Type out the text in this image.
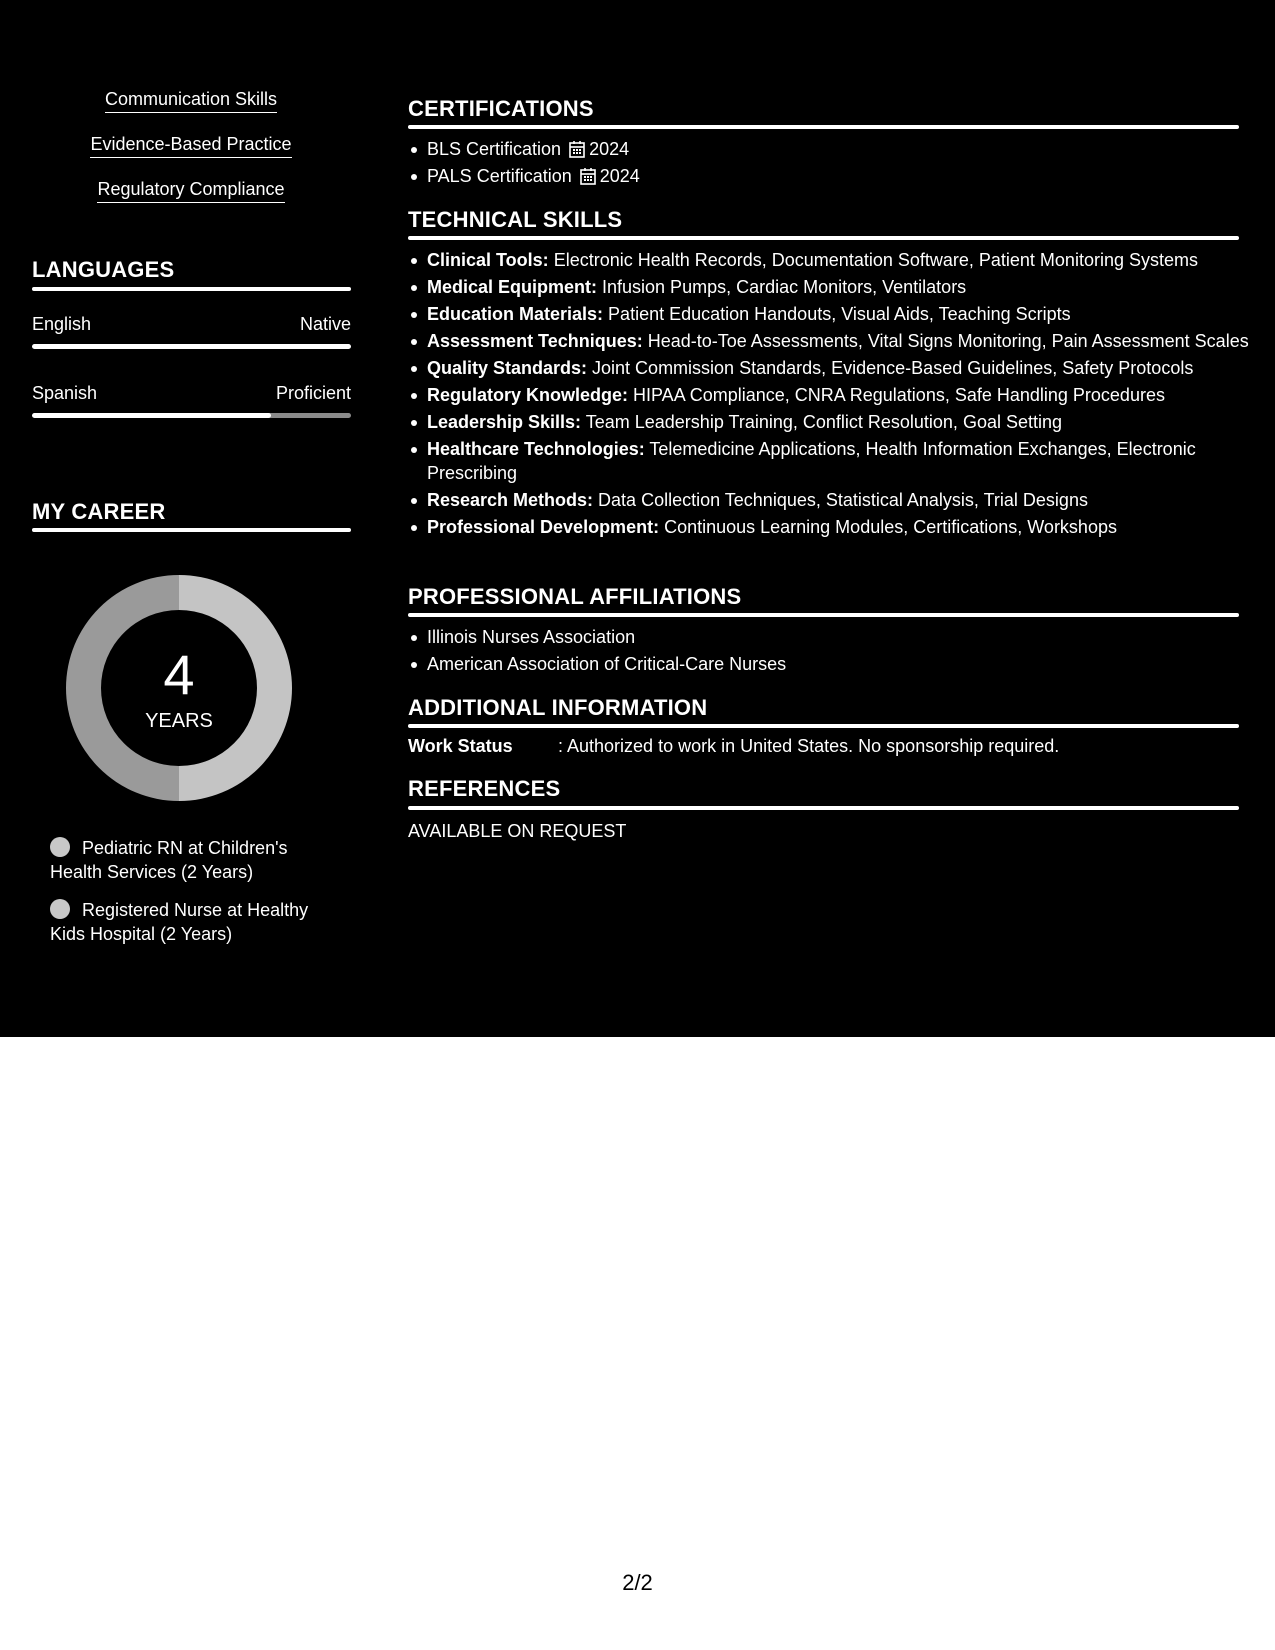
Communication Skills
Evidence-Based Practice
Regulatory Compliance
LANGUAGES
English	Native
Spanish	Proficient
MY CAREER
4
YEARS
Pediatric RN at Children's Health Services (2 Years)
Registered Nurse at Healthy Kids Hospital (2 Years)
CERTIFICATIONS
BLS Certification 2024
PALS Certification 2024
TECHNICAL SKILLS
Clinical Tools: Electronic Health Records, Documentation Software, Patient Monitoring Systems
Medical Equipment: Infusion Pumps, Cardiac Monitors, Ventilators
Education Materials: Patient Education Handouts, Visual Aids, Teaching Scripts
Assessment Techniques: Head-to-Toe Assessments, Vital Signs Monitoring, Pain Assessment Scales
Quality Standards: Joint Commission Standards, Evidence-Based Guidelines, Safety Protocols
Regulatory Knowledge: HIPAA Compliance, CNRA Regulations, Safe Handling Procedures
Leadership Skills: Team Leadership Training, Conflict Resolution, Goal Setting
Healthcare Technologies: Telemedicine Applications, Health Information Exchanges, Electronic Prescribing
Research Methods: Data Collection Techniques, Statistical Analysis, Trial Designs
Professional Development: Continuous Learning Modules, Certifications, Workshops
PROFESSIONAL AFFILIATIONS
Illinois Nurses Association
American Association of Critical-Care Nurses
ADDITIONAL INFORMATION
Work Status	: Authorized to work in United States. No sponsorship required.
REFERENCES
AVAILABLE ON REQUEST
2/2
